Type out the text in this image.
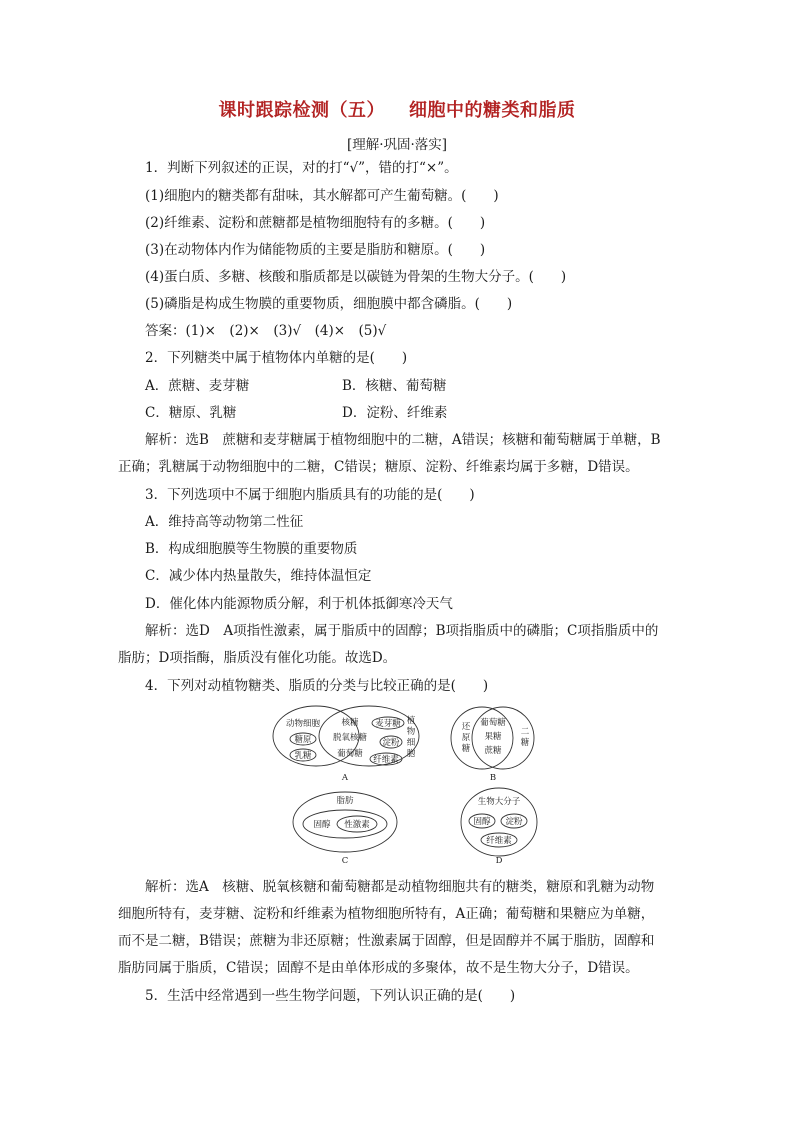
课时跟踪检测（五） 细胞中的糖类和脂质
[理解·巩固·落实]
1．判断下列叙述的正误，对的打“√”，错的打“×”。
(1)细胞内的糖类都有甜味，其水解都可产生葡萄糖。(　　)
(2)纤维素、淀粉和蔗糖都是植物细胞特有的多糖。(　　)
(3)在动物体内作为储能物质的主要是脂肪和糖原。(　　)
(4)蛋白质、多糖、核酸和脂质都是以碳链为骨架的生物大分子。(　　)
(5)磷脂是构成生物膜的重要物质，细胞膜中都含磷脂。(　　)
答案：(1)×　(2)×　(3)√　(4)×　(5)√
2．下列糖类中属于植物体内单糖的是(　　)
A．蔗糖、麦芽糖	B．核糖、葡萄糖
C．糖原、乳糖	D．淀粉、纤维素
解析：选B　蔗糖和麦芽糖属于植物细胞中的二糖，A错误；核糖和葡萄糖属于单糖，B
正确；乳糖属于动物细胞中的二糖，C错误；糖原、淀粉、纤维素均属于多糖，D错误。
3．下列选项中不属于细胞内脂质具有的功能的是(　　)
A．维持高等动物第二性征
B．构成细胞膜等生物膜的重要物质
C．减少体内热量散失，维持体温恒定
D．催化体内能源物质分解，利于机体抵御寒冷天气
解析：选D　A项指性激素，属于脂质中的固醇；B项指脂质中的磷脂；C项指脂质中的
脂肪；D项指酶，脂质没有催化功能。故选D。
4．下列对动植物糖类、脂质的分类与比较正确的是(　　)
动物细胞
糖原
乳糖
核糖
脱氧核糖
葡萄糖
麦芽糖
淀粉
纤维素
植
物
细
胞
A
还
原
糖
葡萄糖
果糖
蔗糖
二
糖
B
脂肪
固醇 性激素
C
生物大分子
固醇 淀粉
纤维素
D
解析：选A　核糖、脱氧核糖和葡萄糖都是动植物细胞共有的糖类，糖原和乳糖为动物
细胞所特有，麦芽糖、淀粉和纤维素为植物细胞所特有，A正确；葡萄糖和果糖应为单糖，
而不是二糖，B错误；蔗糖为非还原糖；性激素属于固醇，但是固醇并不属于脂肪，固醇和
脂肪同属于脂质，C错误；固醇不是由单体形成的多聚体，故不是生物大分子，D错误。
5．生活中经常遇到一些生物学问题，下列认识正确的是(　　)
